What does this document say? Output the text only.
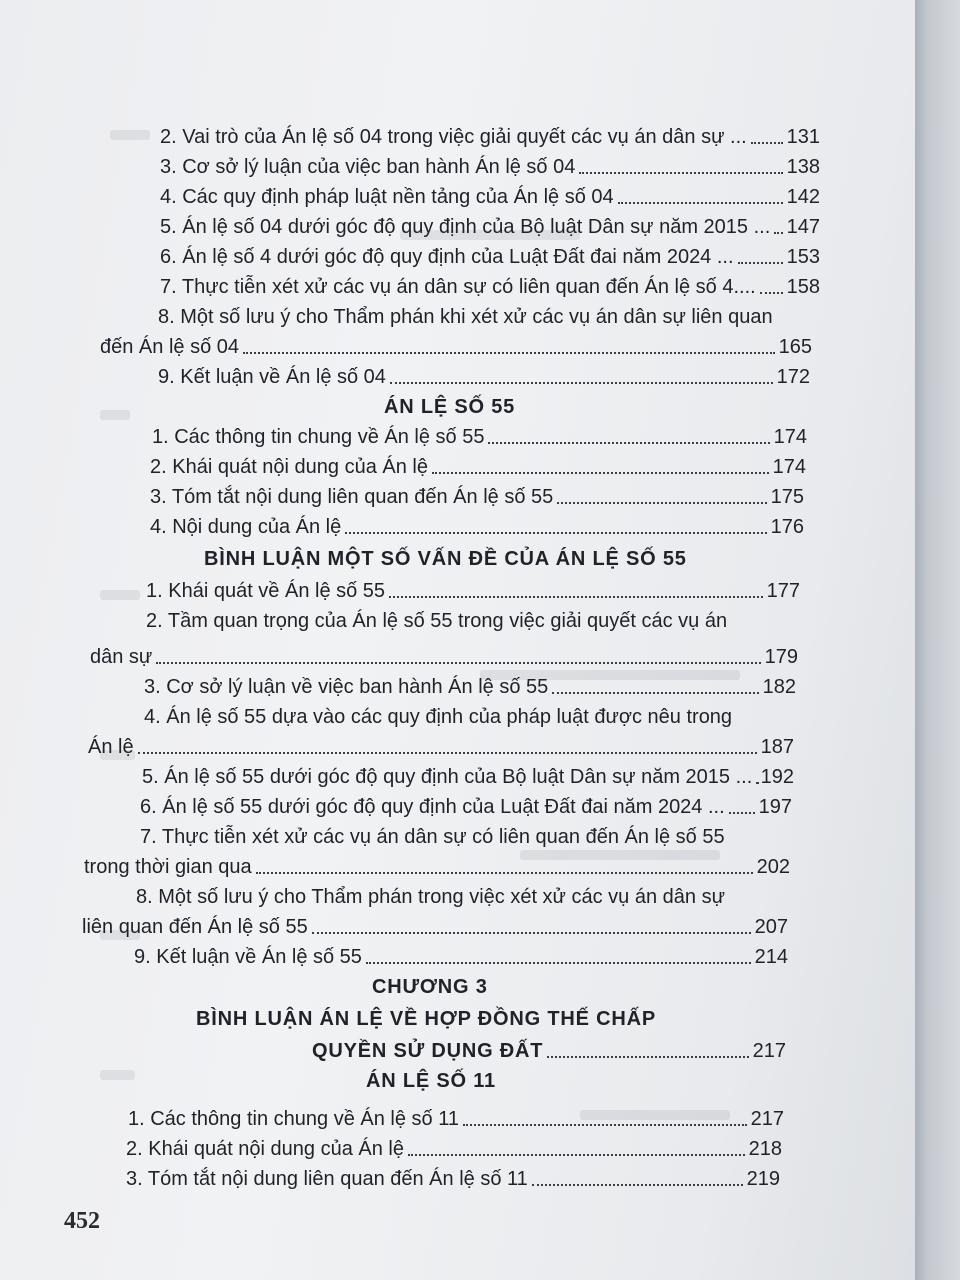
2. Vai trò của Án lệ số 04 trong việc giải quyết các vụ án dân sự ... 131
3. Cơ sở lý luận của việc ban hành Án lệ số 04	138
4. Các quy định pháp luật nền tảng của Án lệ số 04	142
5. Án lệ số 04 dưới góc độ quy định của Bộ luật Dân sự năm 2015 ... 147
6. Án lệ số 4 dưới góc độ quy định của Luật Đất đai năm 2024 ...	153
7. Thực tiễn xét xử các vụ án dân sự có liên quan đến Án lệ số 4.... 158
8. Một số lưu ý cho Thẩm phán khi xét xử các vụ án dân sự liên quan
đến Án lệ số 04	165
9. Kết luận về Án lệ số 04	172
ÁN LỆ SỐ 55
1. Các thông tin chung về Án lệ số 55	174
2. Khái quát nội dung của Án lệ	174
3. Tóm tắt nội dung liên quan đến Án lệ số 55	175
4. Nội dung của Án lệ	176
BÌNH LUẬN MỘT SỐ VẤN ĐỀ CỦA ÁN LỆ SỐ 55
1. Khái quát về Án lệ số 55	177
2. Tầm quan trọng của Án lệ số 55 trong việc giải quyết các vụ án
dân sự	179
3. Cơ sở lý luận về việc ban hành Án lệ số 55	182
4. Án lệ số 55 dựa vào các quy định của pháp luật được nêu trong
Án lệ	187
5. Án lệ số 55 dưới góc độ quy định của Bộ luật Dân sự năm 2015 ... 192
6. Án lệ số 55 dưới góc độ quy định của Luật Đất đai năm 2024 ... 197
7. Thực tiễn xét xử các vụ án dân sự có liên quan đến Án lệ số 55
trong thời gian qua	202
8. Một số lưu ý cho Thẩm phán trong việc xét xử các vụ án dân sự
liên quan đến Án lệ số 55	207
9. Kết luận về Án lệ số 55	214
CHƯƠNG 3
BÌNH LUẬN ÁN LỆ VỀ HỢP ĐỒNG THẾ CHẤP
QUYỀN SỬ DỤNG ĐẤT	217
ÁN LỆ SỐ 11
1. Các thông tin chung về Án lệ số 11	217
2. Khái quát nội dung của Án lệ	218
3. Tóm tắt nội dung liên quan đến Án lệ số 11	219
452
